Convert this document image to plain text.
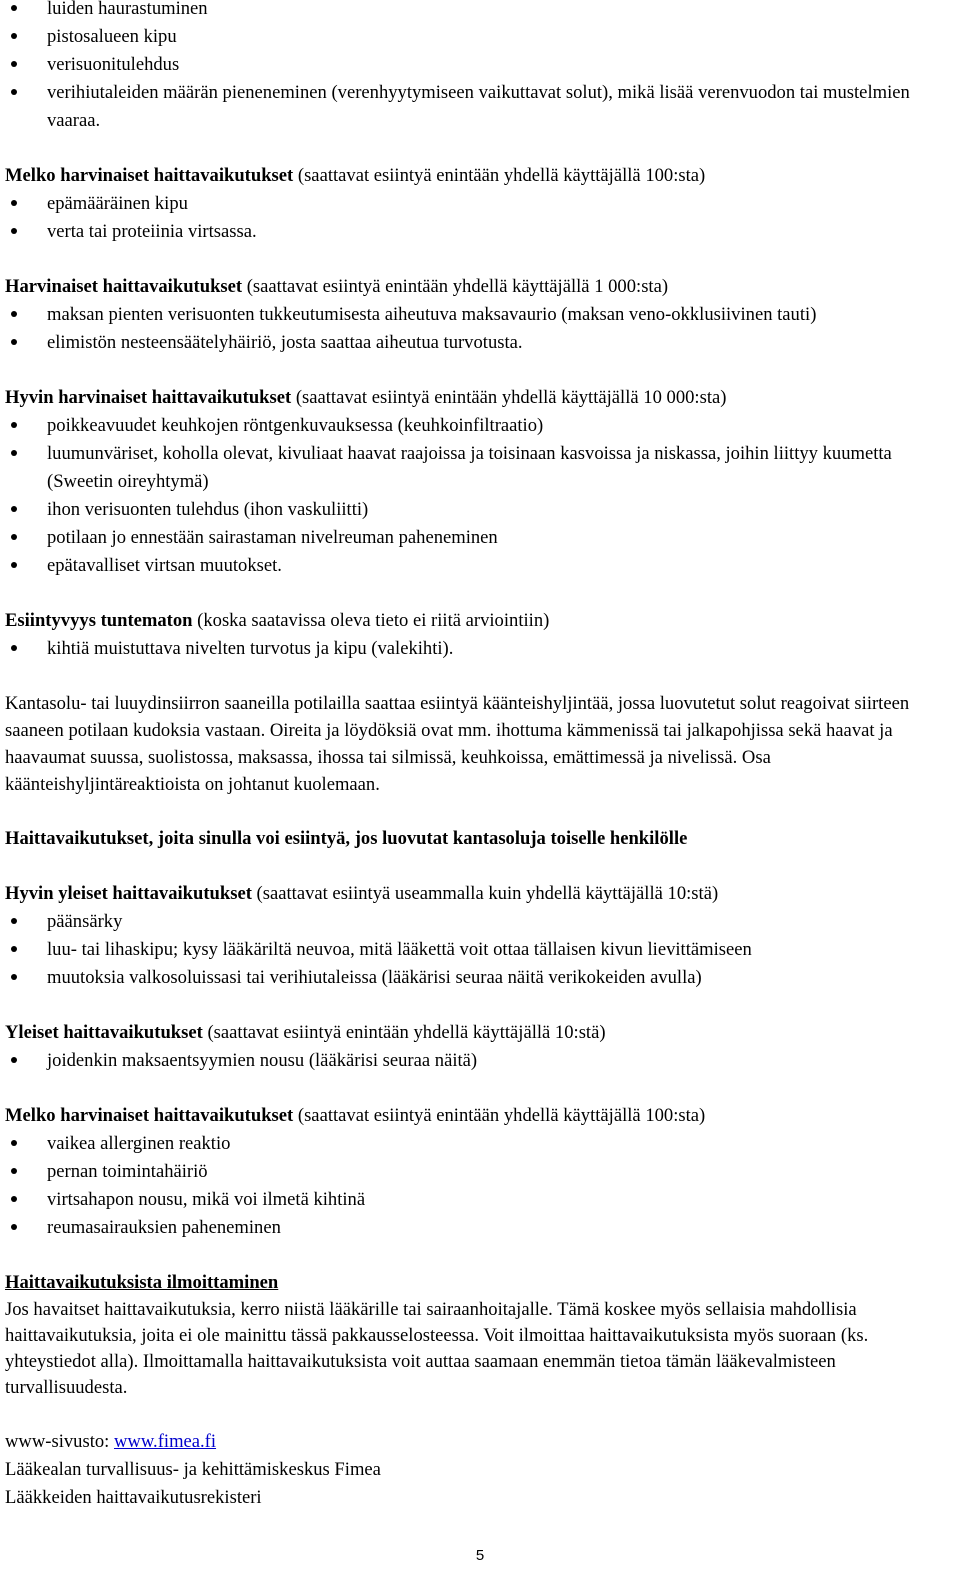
luiden haurastuminen
pistosalueen kipu
verisuonitulehdus
verihiutaleiden määrän pieneneminen (verenhyytymiseen vaikuttavat solut), mikä lisää verenvuodon tai mustelmien vaaraa.

Melko harvinaiset haittavaikutukset (saattavat esiintyä enintään yhdellä käyttäjällä 100:sta)

epämääräinen kipu
verta tai proteiinia virtsassa.

Harvinaiset haittavaikutukset (saattavat esiintyä enintään yhdellä käyttäjällä 1 000:sta)

maksan pienten verisuonten tukkeutumisesta aiheutuva maksavaurio (maksan veno-okklusiivinen tauti)
elimistön nesteensäätelyhäiriö, josta saattaa aiheutua turvotusta.

Hyvin harvinaiset haittavaikutukset (saattavat esiintyä enintään yhdellä käyttäjällä 10 000:sta)

poikkeavuudet keuhkojen röntgenkuvauksessa (keuhkoinfiltraatio)
luumunväriset, koholla olevat, kivuliaat haavat raajoissa ja toisinaan kasvoissa ja niskassa, joihin liittyy kuumetta (Sweetin oireyhtymä)
ihon verisuonten tulehdus (ihon vaskuliitti)
potilaan jo ennestään sairastaman nivelreuman paheneminen
epätavalliset virtsan muutokset.

Esiintyvyys tuntematon (koska saatavissa oleva tieto ei riitä arviointiin)

kihtiä muistuttava nivelten turvotus ja kipu (valekihti).

Kantasolu- tai luuydinsiirron saaneilla potilailla saattaa esiintyä käänteishyljintää, jossa luovutetut solut reagoivat siirteen saaneen potilaan kudoksia vastaan. Oireita ja löydöksiä ovat mm. ihottuma kämmenissä tai jalkapohjissa sekä haavat ja haavaumat suussa, suolistossa, maksassa, ihossa tai silmissä, keuhkoissa, emättimessä ja nivelissä. Osa käänteishyljintäreaktioista on johtanut kuolemaan.

Haittavaikutukset, joita sinulla voi esiintyä, jos luovutat kantasoluja toiselle henkilölle

Hyvin yleiset haittavaikutukset (saattavat esiintyä useammalla kuin yhdellä käyttäjällä 10:stä)

päänsärky
luu- tai lihaskipu; kysy lääkäriltä neuvoa, mitä lääkettä voit ottaa tällaisen kivun lievittämiseen
muutoksia valkosoluissasi tai verihiutaleissa (lääkärisi seuraa näitä verikokeiden avulla)

Yleiset haittavaikutukset (saattavat esiintyä enintään yhdellä käyttäjällä 10:stä)

joidenkin maksaentsyymien nousu (lääkärisi seuraa näitä)

Melko harvinaiset haittavaikutukset (saattavat esiintyä enintään yhdellä käyttäjällä 100:sta)

vaikea allerginen reaktio
pernan toimintahäiriö
virtsahapon nousu, mikä voi ilmetä kihtinä
reumasairauksien paheneminen

Haittavaikutuksista ilmoittaminen

Jos havaitset haittavaikutuksia, kerro niistä lääkärille tai sairaanhoitajalle. Tämä koskee myös sellaisia mahdollisia haittavaikutuksia, joita ei ole mainittu tässä pakkausselosteessa. Voit ilmoittaa haittavaikutuksista myös suoraan (ks. yhteystiedot alla). Ilmoittamalla haittavaikutuksista voit auttaa saamaan enemmän tietoa tämän lääkevalmisteen turvallisuudesta.

www-sivusto: www.fimea.fi

Lääkealan turvallisuus- ja kehittämiskeskus Fimea

Lääkkeiden haittavaikutusrekisteri

5
